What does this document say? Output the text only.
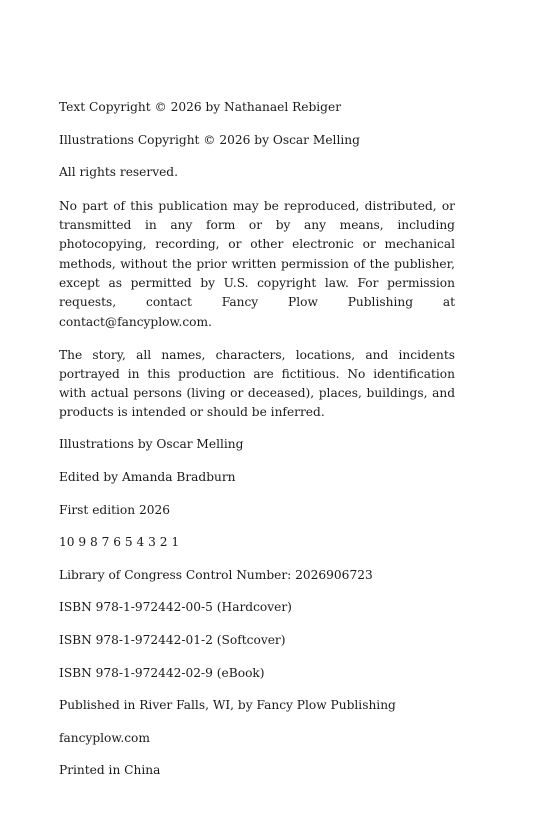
Text Copyright © 2026 by Nathanael Rebiger

Illustrations Copyright © 2026 by Oscar Melling

All rights reserved.

No part of this publication may be reproduced, distributed, or transmitted in any form or by any means, including photocopying, recording, or other electronic or mechanical methods, without the prior written permission of the publisher, except as permitted by U.S. copyright law. For permission requests, contact Fancy Plow Publishing at contact@fancyplow.com.

The story, all names, characters, locations, and incidents portrayed in this production are fictitious. No identification with actual persons (living or deceased), places, buildings, and products is intended or should be inferred.

Illustrations by Oscar Melling

Edited by Amanda Bradburn

First edition 2026

10 9 8 7 6 5 4 3 2 1

Library of Congress Control Number: 2026906723

ISBN 978-1-972442-00-5 (Hardcover)

ISBN 978-1-972442-01-2 (Softcover)

ISBN 978-1-972442-02-9 (eBook)

Published in River Falls, WI, by Fancy Plow Publishing

fancyplow.com

Printed in China
